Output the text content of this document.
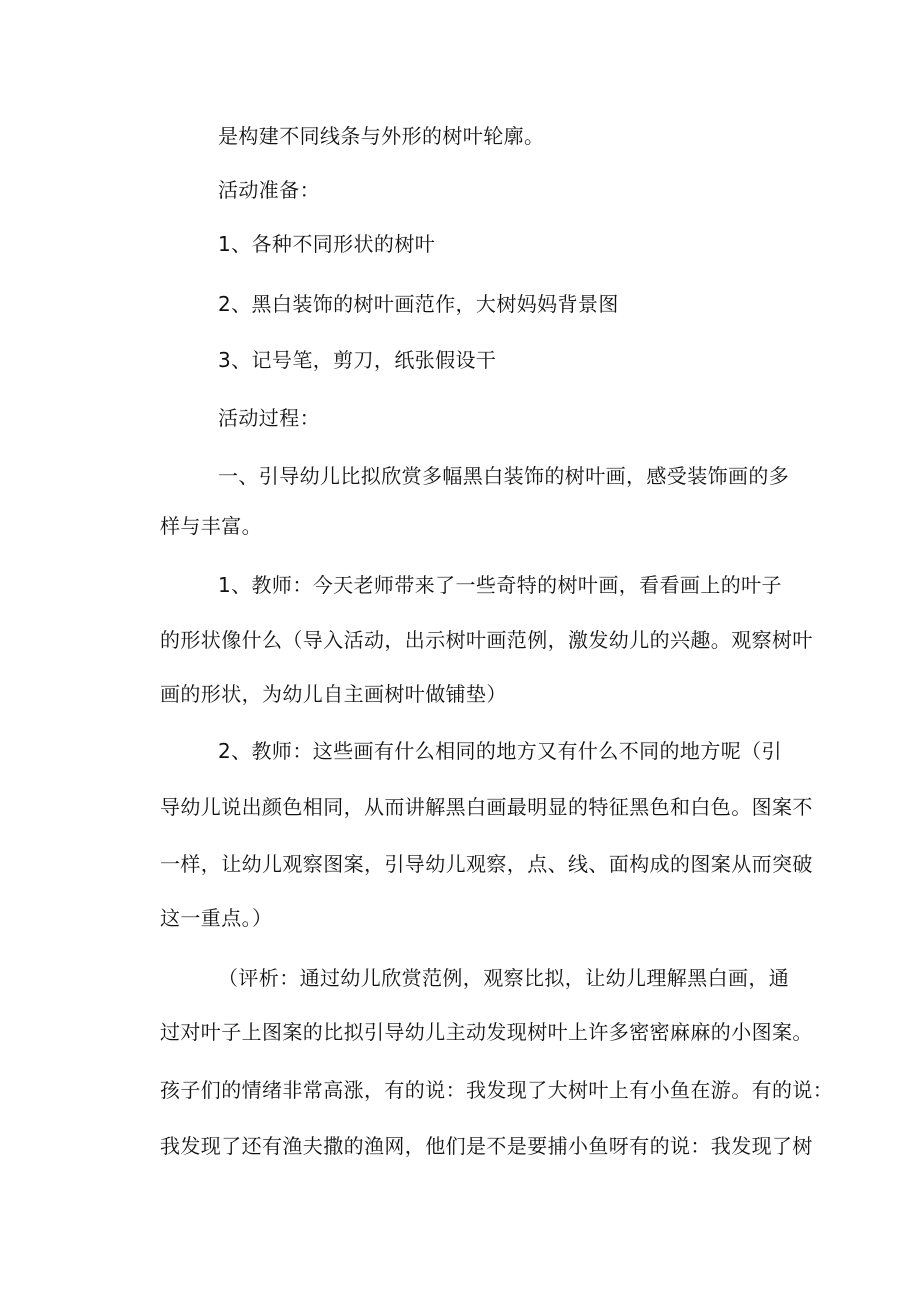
是构建不同线条与外形的树叶轮廓。
活动准备：
1、各种不同形状的树叶
2、黑白装饰的树叶画范作，大树妈妈背景图
3、记号笔，剪刀，纸张假设干
活动过程：
一、引导幼儿比拟欣赏多幅黑白装饰的树叶画，感受装饰画的多
样与丰富。
1、教师：今天老师带来了一些奇特的树叶画，看看画上的叶子
的形状像什么（导入活动，出示树叶画范例，激发幼儿的兴趣。观察树叶
画的形状，为幼儿自主画树叶做铺垫）
2、教师：这些画有什么相同的地方又有什么不同的地方呢（引
导幼儿说出颜色相同，从而讲解黑白画最明显的特征黑色和白色。图案不
一样，让幼儿观察图案，引导幼儿观察，点、线、面构成的图案从而突破
这一重点。）
（评析：通过幼儿欣赏范例，观察比拟，让幼儿理解黑白画，通
过对叶子上图案的比拟引导幼儿主动发现树叶上许多密密麻麻的小图案。
孩子们的情绪非常高涨，有的说：我发现了大树叶上有小鱼在游。有的说：
我发现了还有渔夫撒的渔网，他们是不是要捕小鱼呀有的说：我发现了树
